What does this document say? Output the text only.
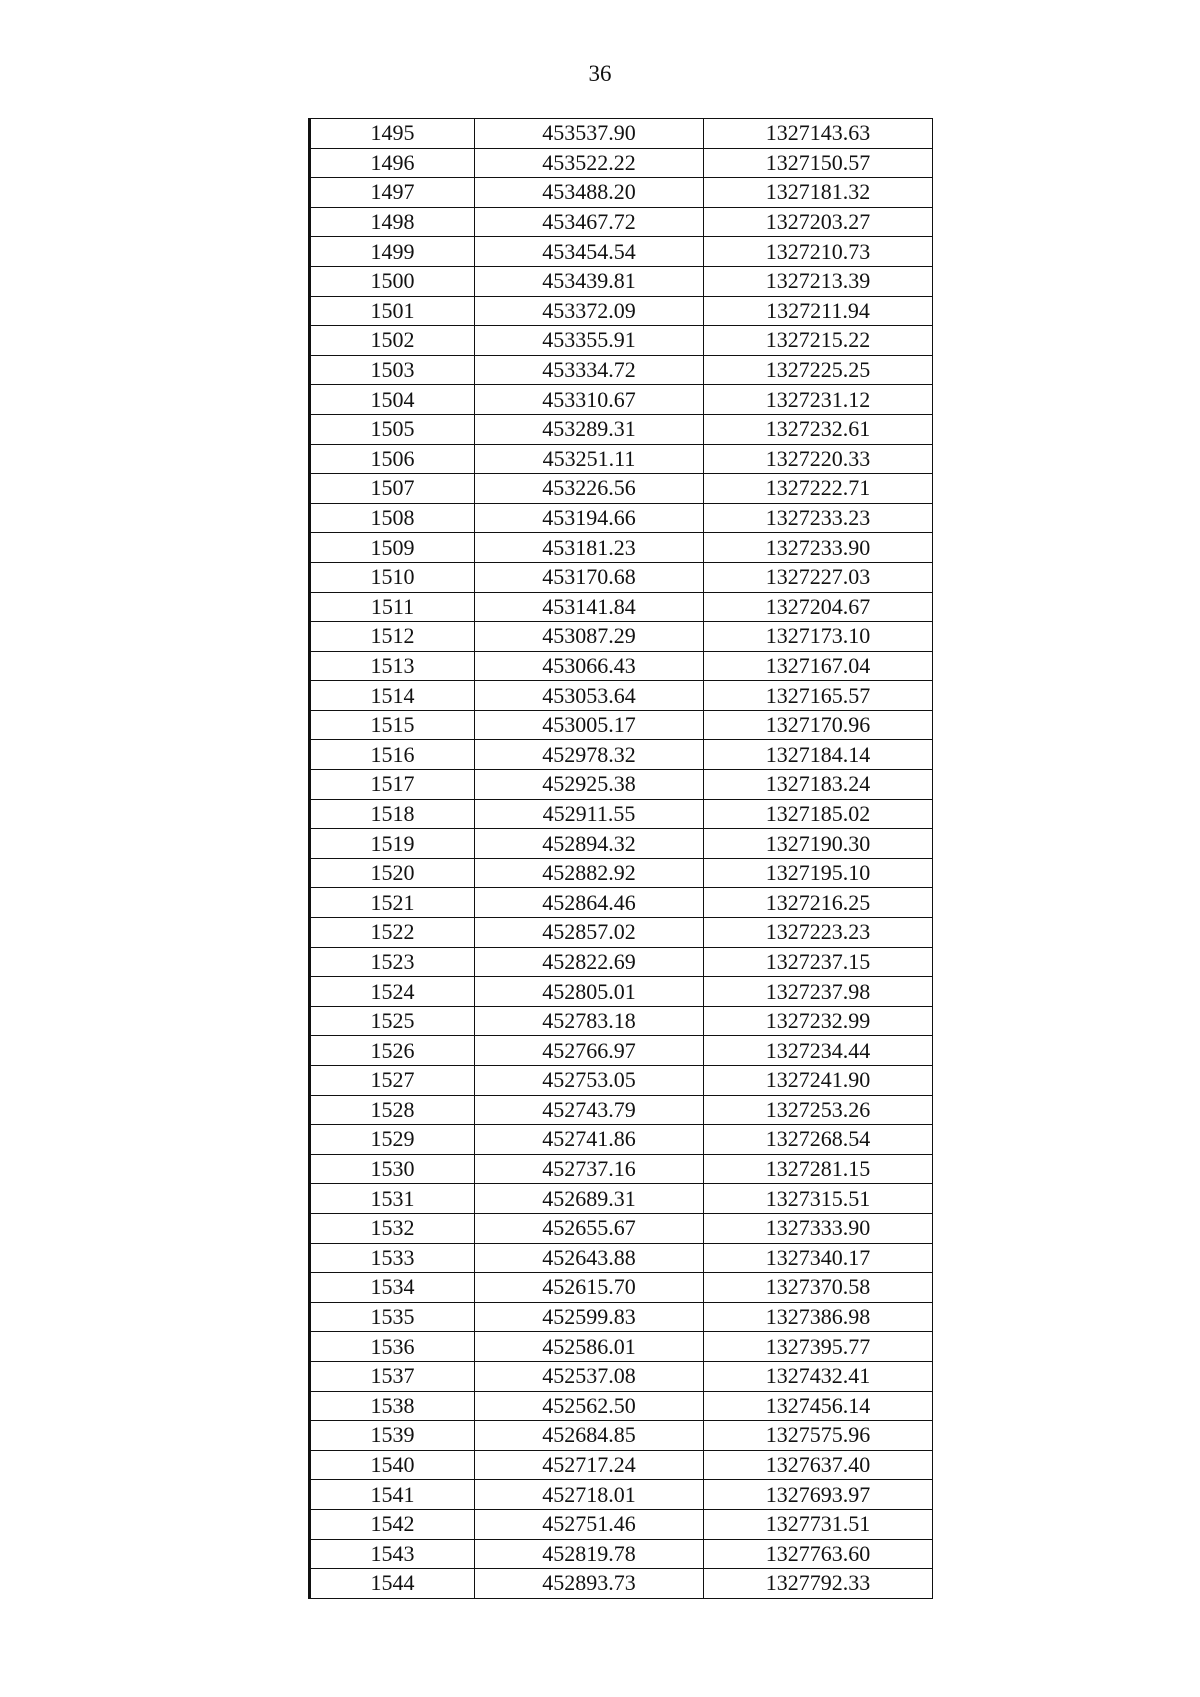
36
1495	453537.90	1327143.63
1496	453522.22	1327150.57
1497	453488.20	1327181.32
1498	453467.72	1327203.27
1499	453454.54	1327210.73
1500	453439.81	1327213.39
1501	453372.09	1327211.94
1502	453355.91	1327215.22
1503	453334.72	1327225.25
1504	453310.67	1327231.12
1505	453289.31	1327232.61
1506	453251.11	1327220.33
1507	453226.56	1327222.71
1508	453194.66	1327233.23
1509	453181.23	1327233.90
1510	453170.68	1327227.03
1511	453141.84	1327204.67
1512	453087.29	1327173.10
1513	453066.43	1327167.04
1514	453053.64	1327165.57
1515	453005.17	1327170.96
1516	452978.32	1327184.14
1517	452925.38	1327183.24
1518	452911.55	1327185.02
1519	452894.32	1327190.30
1520	452882.92	1327195.10
1521	452864.46	1327216.25
1522	452857.02	1327223.23
1523	452822.69	1327237.15
1524	452805.01	1327237.98
1525	452783.18	1327232.99
1526	452766.97	1327234.44
1527	452753.05	1327241.90
1528	452743.79	1327253.26
1529	452741.86	1327268.54
1530	452737.16	1327281.15
1531	452689.31	1327315.51
1532	452655.67	1327333.90
1533	452643.88	1327340.17
1534	452615.70	1327370.58
1535	452599.83	1327386.98
1536	452586.01	1327395.77
1537	452537.08	1327432.41
1538	452562.50	1327456.14
1539	452684.85	1327575.96
1540	452717.24	1327637.40
1541	452718.01	1327693.97
1542	452751.46	1327731.51
1543	452819.78	1327763.60
1544	452893.73	1327792.33
